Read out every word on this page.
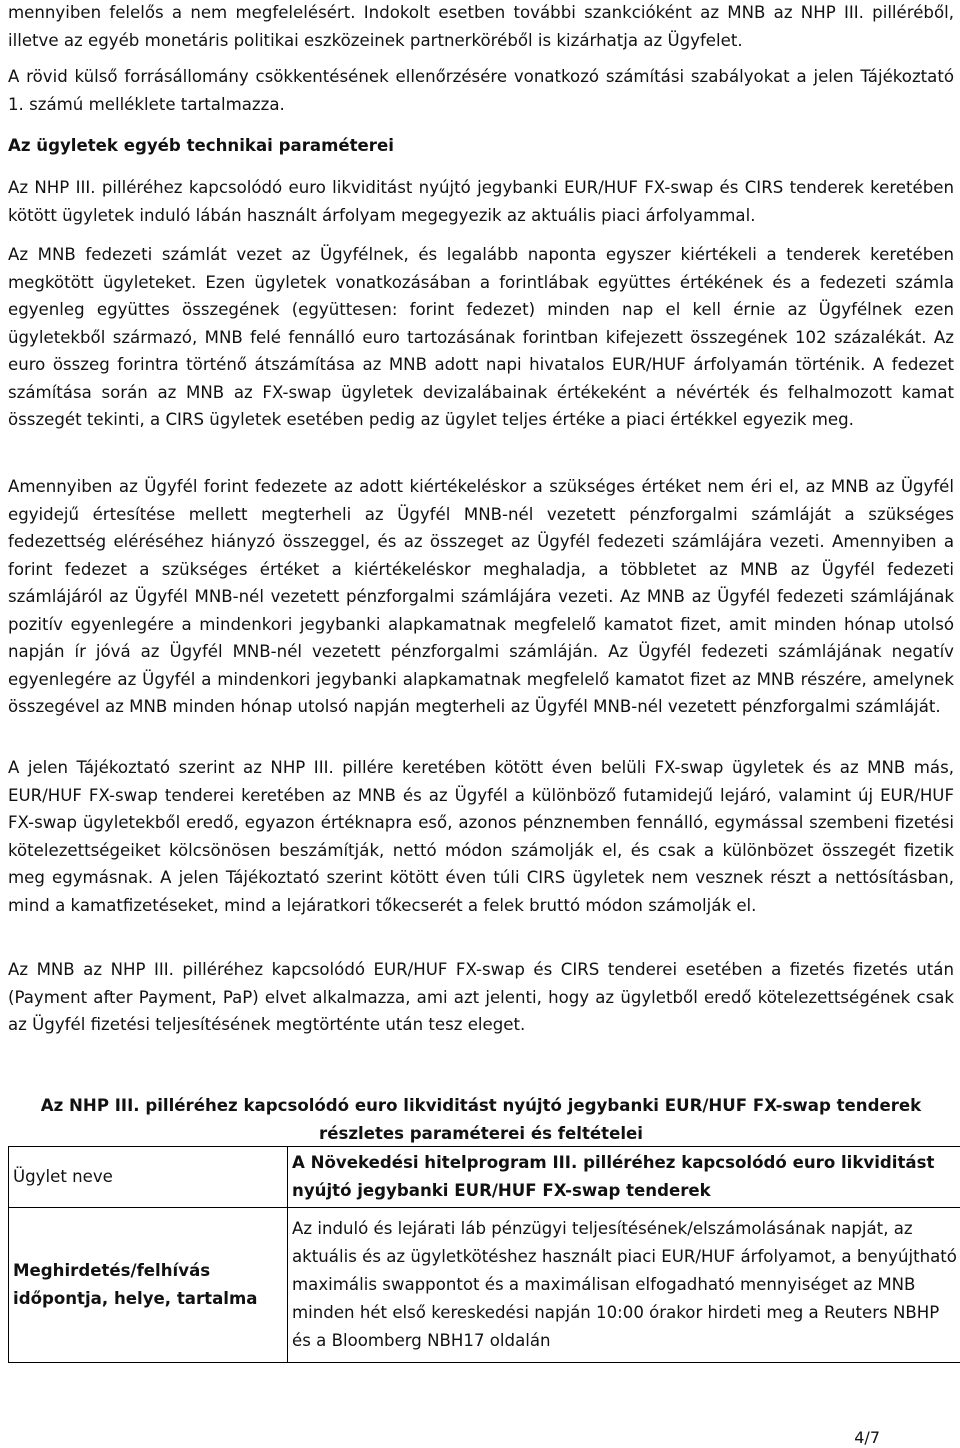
mennyiben felelős a nem megfelelésért. Indokolt esetben további szankcióként az MNB az NHP III. pilléréből, illetve az egyéb monetáris politikai eszközeinek partnerköréből is kizárhatja az Ügyfelet.

A rövid külső forrásállomány csökkentésének ellenőrzésére vonatkozó számítási szabályokat a jelen Tájékoztató 1. számú melléklete tartalmazza.

Az ügyletek egyéb technikai paraméterei

Az NHP III. pilléréhez kapcsolódó euro likviditást nyújtó jegybanki EUR/HUF FX-swap és CIRS tenderek keretében kötött ügyletek induló lábán használt árfolyam megegyezik az aktuális piaci árfolyammal.

Az MNB fedezeti számlát vezet az Ügyfélnek, és legalább naponta egyszer kiértékeli a tenderek keretében megkötött ügyleteket. Ezen ügyletek vonatkozásában a forintlábak együttes értékének és a fedezeti számla egyenleg együttes összegének (együttesen: forint fedezet) minden nap el kell érnie az Ügyfélnek ezen ügyletekből származó, MNB felé fennálló euro tartozásának forintban kifejezett összegének 102 százalékát. Az euro összeg forintra történő átszámítása az MNB adott napi hivatalos EUR/HUF árfolyamán történik. A fedezet számítása során az MNB az FX-swap ügyletek devizalábainak értékeként a névérték és felhalmozott kamat összegét tekinti, a CIRS ügyletek esetében pedig az ügylet teljes értéke a piaci értékkel egyezik meg.

Amennyiben az Ügyfél forint fedezete az adott kiértékeléskor a szükséges értéket nem éri el, az MNB az Ügyfél egyidejű értesítése mellett megterheli az Ügyfél MNB-nél vezetett pénzforgalmi számláját a szükséges fedezettség eléréséhez hiányzó összeggel, és az összeget az Ügyfél fedezeti számlájára vezeti. Amennyiben a forint fedezet a szükséges értéket a kiértékeléskor meghaladja, a többletet az MNB az Ügyfél fedezeti számlájáról az Ügyfél MNB-nél vezetett pénzforgalmi számlájára vezeti. Az MNB az Ügyfél fedezeti számlájának pozitív egyenlegére a mindenkori jegybanki alapkamatnak megfelelő kamatot fizet, amit minden hónap utolsó napján ír jóvá az Ügyfél MNB-nél vezetett pénzforgalmi számláján. Az Ügyfél fedezeti számlájának negatív egyenlegére az Ügyfél a mindenkori jegybanki alapkamatnak megfelelő kamatot fizet az MNB részére, amelynek összegével az MNB minden hónap utolsó napján megterheli az Ügyfél MNB-nél vezetett pénzforgalmi számláját.

A jelen Tájékoztató szerint az NHP III. pillére keretében kötött éven belüli FX-swap ügyletek és az MNB más, EUR/HUF FX-swap tenderei keretében az MNB és az Ügyfél a különböző futamidejű lejáró, valamint új EUR/HUF FX-swap ügyletekből eredő, egyazon értéknapra eső, azonos pénznemben fennálló, egymással szembeni fizetési kötelezettségeiket kölcsönösen beszámítják, nettó módon számolják el, és csak a különbözet összegét fizetik meg egymásnak. A jelen Tájékoztató szerint kötött éven túli CIRS ügyletek nem vesznek részt a nettósításban, mind a kamatfizetéseket, mind a lejáratkori tőkecserét a felek bruttó módon számolják el.

Az MNB az NHP III. pilléréhez kapcsolódó EUR/HUF FX-swap és CIRS tenderei esetében a fizetés fizetés után (Payment after Payment, PaP) elvet alkalmazza, ami azt jelenti, hogy az ügyletből eredő kötelezettségének csak az Ügyfél fizetési teljesítésének megtörténte után tesz eleget.

Az NHP III. pilléréhez kapcsolódó euro likviditást nyújtó jegybanki EUR/HUF FX-swap tenderek részletes paraméterei és feltételei
Ügylet neve	A Növekedési hitelprogram III. pilléréhez kapcsolódó euro likviditást nyújtó jegybanki EUR/HUF FX-swap tenderek
Meghirdetés/felhívás időpontja, helye, tartalma	Az induló és lejárati láb pénzügyi teljesítésének/elszámolásának napját, az aktuális és az ügyletkötéshez használt piaci EUR/HUF árfolyamot, a benyújtható maximális swappontot és a maximálisan elfogadható mennyiséget az MNB minden hét első kereskedési napján 10:00 órakor hirdeti meg a Reuters NBHP és a Bloomberg NBH17 oldalán
4/7
